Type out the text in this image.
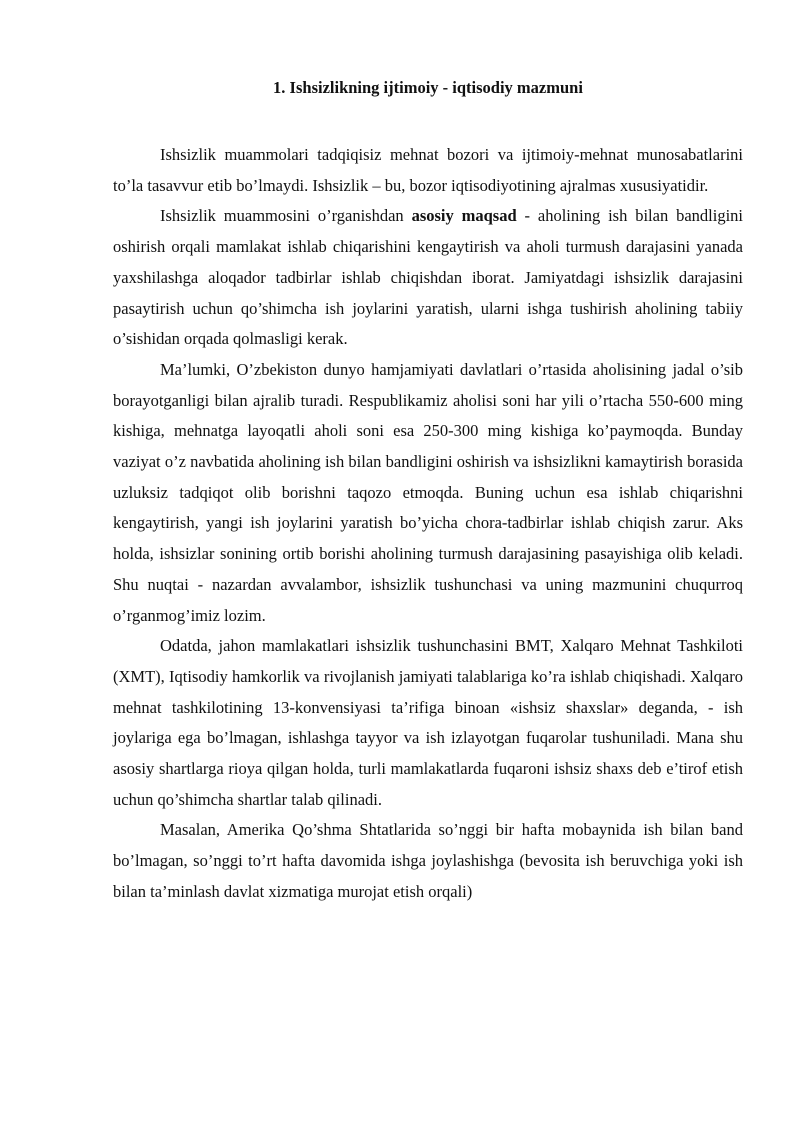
1. Ishsizlikning ijtimoiy - iqtisodiy mazmuni

Ishsizlik muammolari tadqiqisiz mehnat bozori va ijtimoiy-mehnat munosabatlarini to’la tasavvur etib bo’lmaydi. Ishsizlik – bu, bozor iqtisodiyotining ajralmas xususiyatidir.

Ishsizlik muammosini o’rganishdan asosiy maqsad - aholining ish bilan bandligini oshirish orqali mamlakat ishlab chiqarishini kengaytirish va aholi turmush darajasini yanada yaxshilashga aloqador tadbirlar ishlab chiqishdan iborat. Jamiyatdagi ishsizlik darajasini pasaytirish uchun qo’shimcha ish joylarini yaratish, ularni ishga tushirish aholining tabiiy o’sishidan orqada qolmasligi kerak.

Ma’lumki, O’zbekiston dunyo hamjamiyati davlatlari o’rtasida aholisining jadal o’sib borayotganligi bilan ajralib turadi. Respublikamiz aholisi soni har yili o’rtacha 550-600 ming kishiga, mehnatga layoqatli aholi soni esa 250-300 ming kishiga ko’paymoqda. Bunday vaziyat o’z navbatida aholining ish bilan bandligini oshirish va ishsizlikni kamaytirish borasida uzluksiz tadqiqot olib borishni taqozo etmoqda. Buning uchun esa ishlab chiqarishni kengaytirish, yangi ish joylarini yaratish bo’yicha chora-tadbirlar ishlab chiqish zarur. Aks holda, ishsizlar sonining ortib borishi aholining turmush darajasining pasayishiga olib keladi. Shu nuqtai - nazardan avvalambor, ishsizlik tushunchasi va uning mazmunini chuqurroq o’rganmog’imiz lozim.

Odatda, jahon mamlakatlari ishsizlik tushunchasini BMT, Xalqaro Mehnat Tashkiloti (XMT), Iqtisodiy hamkorlik va rivojlanish jamiyati talablariga ko’ra ishlab chiqishadi. Xalqaro mehnat tashkilotining 13-konvensiyasi ta’rifiga binoan «ishsiz shaxslar» deganda, - ish joylariga ega bo’lmagan, ishlashga tayyor va ish izlayotgan fuqarolar tushuniladi. Mana shu asosiy shartlarga rioya qilgan holda, turli mamlakatlarda fuqaroni ishsiz shaxs deb e’tirof etish uchun qo’shimcha shartlar talab qilinadi.

Masalan, Amerika Qo’shma Shtatlarida so’nggi bir hafta mobaynida ish bilan band bo’lmagan, so’nggi to’rt hafta davomida ishga joylashishga (bevosita ish beruvchiga yoki ish bilan ta’minlash davlat xizmatiga murojat etish orqali)
